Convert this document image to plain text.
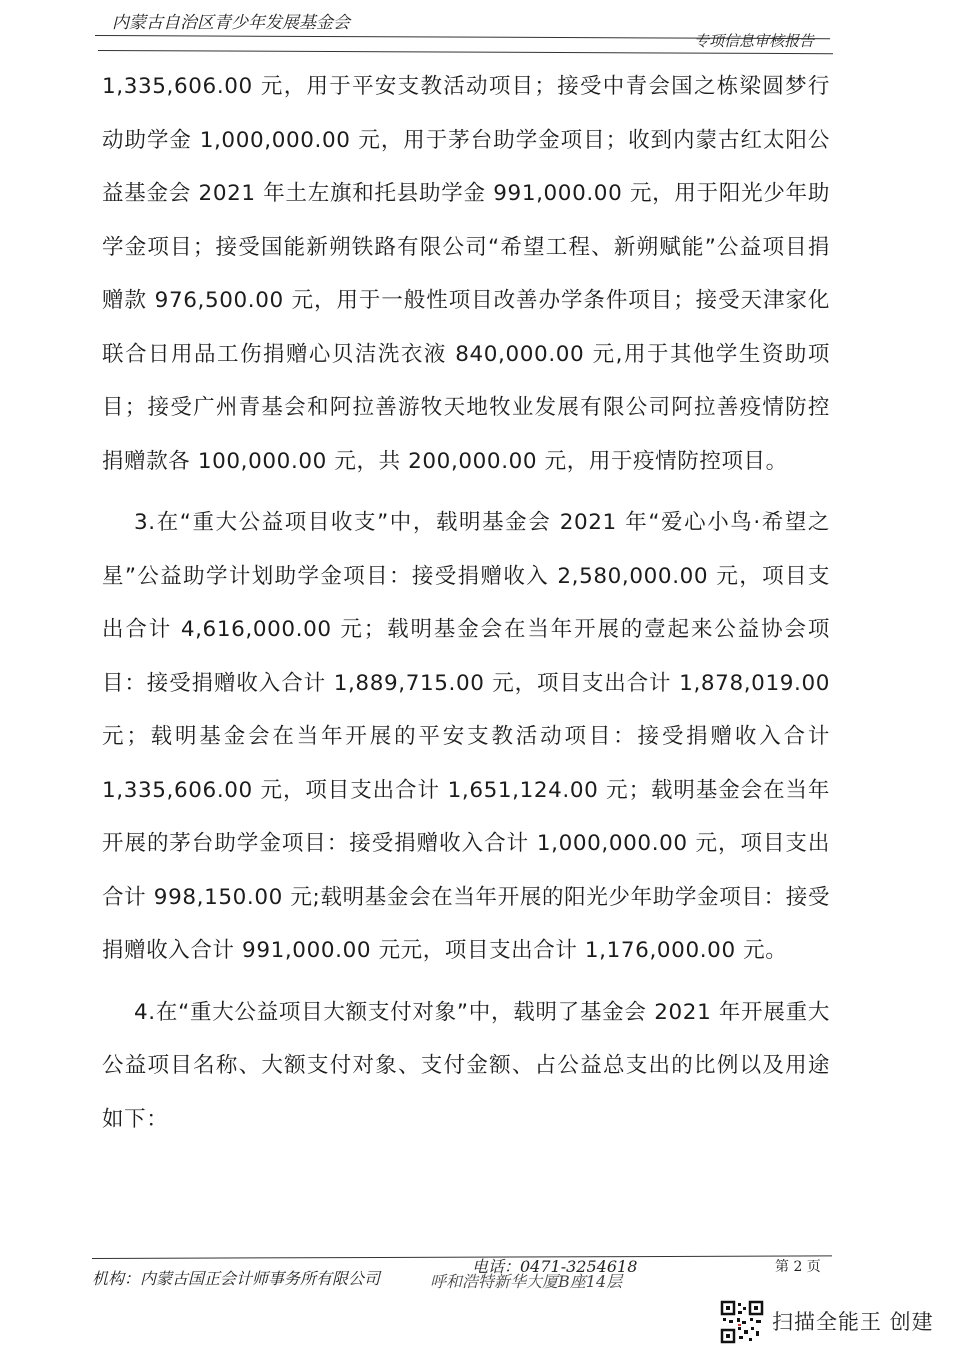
内蒙古自治区青少年发展基金会
专项信息审核报告

1,335,606.00 元，用于平安支教活动项目；接受中青会国之栋梁圆梦行动助学金 1,000,000.00 元，用于茅台助学金项目；收到内蒙古红太阳公益基金会 2021 年土左旗和托县助学金 991,000.00 元，用于阳光少年助学金项目；接受国能新朔铁路有限公司“希望工程、新朔赋能”公益项目捐赠款 976,500.00 元，用于一般性项目改善办学条件项目；接受天津家化联合日用品工伤捐赠心贝洁洗衣液 840,000.00 元,用于其他学生资助项目；接受广州青基会和阿拉善游牧天地牧业发展有限公司阿拉善疫情防控捐赠款各 100,000.00 元，共 200,000.00 元，用于疫情防控项目。

3.在“重大公益项目收支”中，载明基金会 2021 年“爱心小鸟·希望之星”公益助学计划助学金项目：接受捐赠收入 2,580,000.00 元，项目支出合计 4,616,000.00 元；载明基金会在当年开展的壹起来公益协会项目：接受捐赠收入合计 1,889,715.00 元，项目支出合计 1,878,019.00 元；载明基金会在当年开展的平安支教活动项目：接受捐赠收入合计 1,335,606.00 元，项目支出合计 1,651,124.00 元；载明基金会在当年开展的茅台助学金项目：接受捐赠收入合计 1,000,000.00 元，项目支出合计 998,150.00 元;载明基金会在当年开展的阳光少年助学金项目：接受捐赠收入合计 991,000.00 元元，项目支出合计 1,176,000.00 元。

4.在“重大公益项目大额支付对象”中，载明了基金会 2021 年开展重大公益项目名称、大额支付对象、支付金额、占公益总支出的比例以及用途如下：

机构：内蒙古国正会计师事务所有限公司
电话：0471-3254618	第 2 页
呼和浩特新华大厦B座14层
扫描全能王 创建
